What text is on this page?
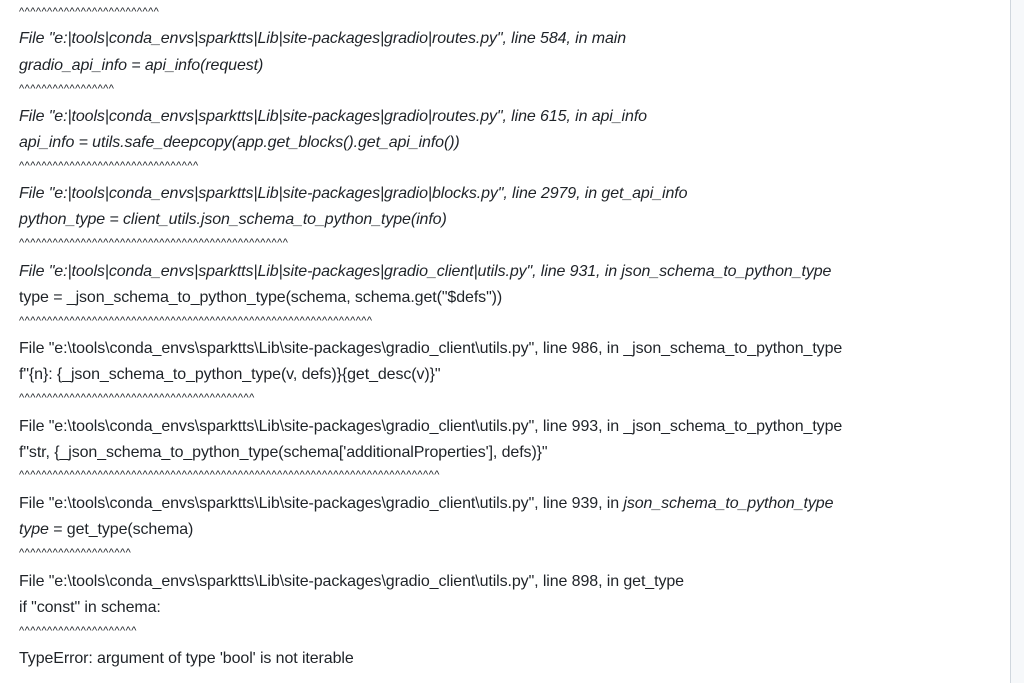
^^^^^^^^^^^^^^^^^^^^^^^^^
File "e:|tools|conda_envs|sparktts|Lib|site-packages|gradio|routes.py", line 584, in main
gradio_api_info = api_info(request)
^^^^^^^^^^^^^^^^^
File "e:|tools|conda_envs|sparktts|Lib|site-packages|gradio|routes.py", line 615, in api_info
api_info = utils.safe_deepcopy(app.get_blocks().get_api_info())
^^^^^^^^^^^^^^^^^^^^^^^^^^^^^^^^
File "e:|tools|conda_envs|sparktts|Lib|site-packages|gradio|blocks.py", line 2979, in get_api_info
python_type = client_utils.json_schema_to_python_type(info)
^^^^^^^^^^^^^^^^^^^^^^^^^^^^^^^^^^^^^^^^^^^^^^^^
File "e:|tools|conda_envs|sparktts|Lib|site-packages|gradio_client|utils.py", line 931, in json_schema_to_python_type
type = _json_schema_to_python_type(schema, schema.get("$defs"))
^^^^^^^^^^^^^^^^^^^^^^^^^^^^^^^^^^^^^^^^^^^^^^^^^^^^^^^^^^^^^^^
File "e:\tools\conda_envs\sparktts\Lib\site-packages\gradio_client\utils.py", line 986, in _json_schema_to_python_type
f"{n}: {_json_schema_to_python_type(v, defs)}{get_desc(v)}"
^^^^^^^^^^^^^^^^^^^^^^^^^^^^^^^^^^^^^^^^^^
File "e:\tools\conda_envs\sparktts\Lib\site-packages\gradio_client\utils.py", line 993, in _json_schema_to_python_type
f"str, {_json_schema_to_python_type(schema['additionalProperties'], defs)}"
^^^^^^^^^^^^^^^^^^^^^^^^^^^^^^^^^^^^^^^^^^^^^^^^^^^^^^^^^^^^^^^^^^^^^^^^^^^
File "e:\tools\conda_envs\sparktts\Lib\site-packages\gradio_client\utils.py", line 939, in json_schema_to_python_type
type = get_type(schema)
^^^^^^^^^^^^^^^^^^^^
File "e:\tools\conda_envs\sparktts\Lib\site-packages\gradio_client\utils.py", line 898, in get_type
if "const" in schema:
^^^^^^^^^^^^^^^^^^^^^
TypeError: argument of type 'bool' is not iterable
